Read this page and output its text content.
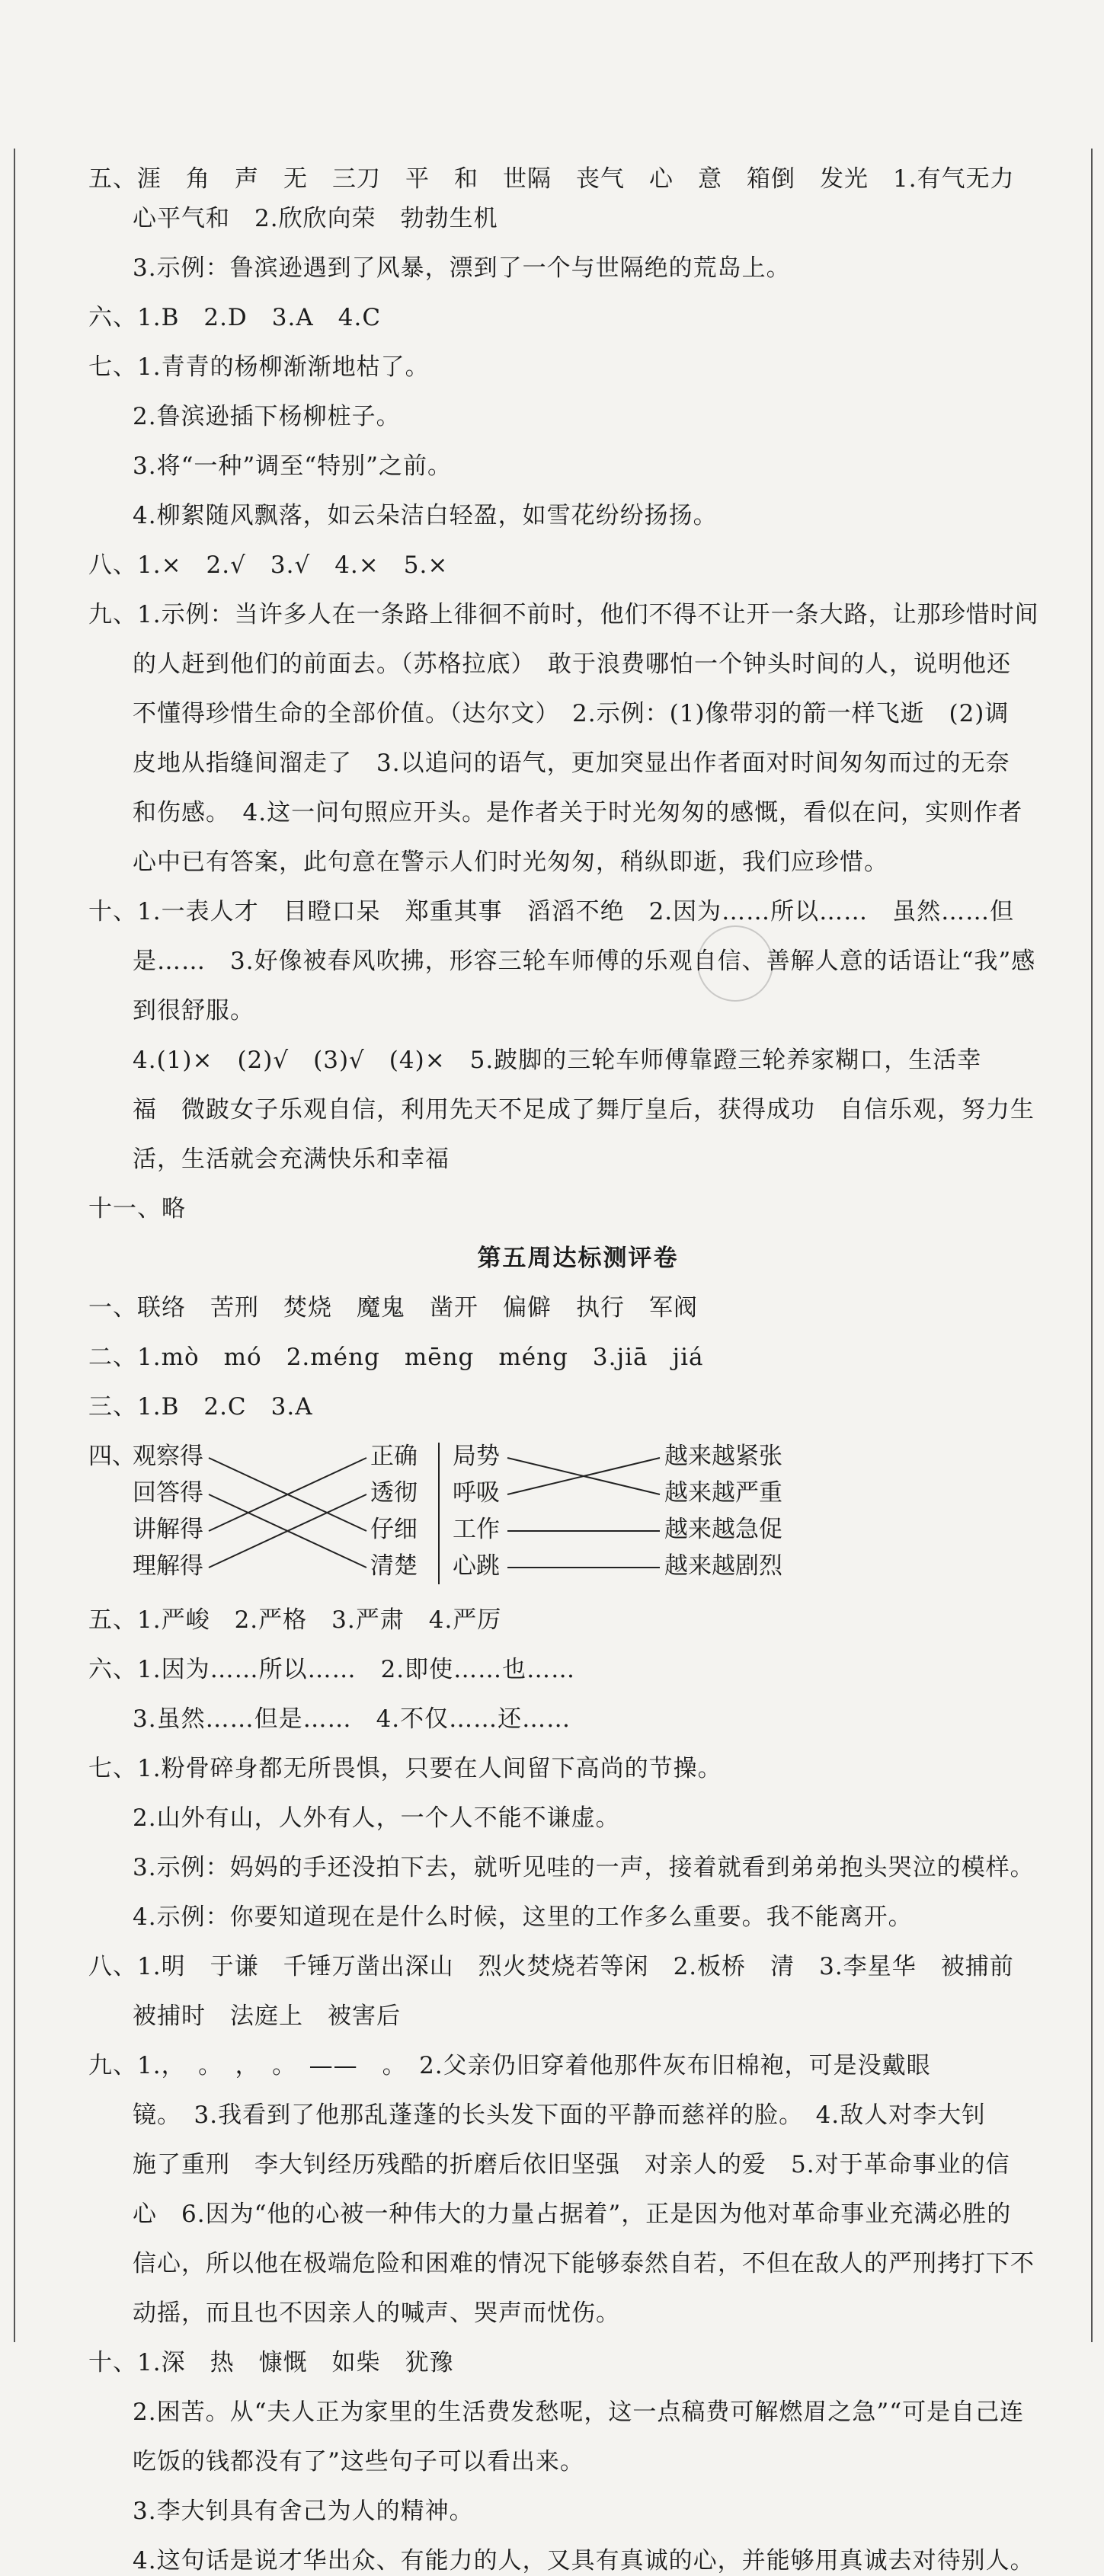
五、涯　角　声　无　三刀　平　和　世隔　丧气　心　意　箱倒　发光　1.有气无力
心平气和　2.欣欣向荣　勃勃生机
3.示例：鲁滨逊遇到了风暴，漂到了一个与世隔绝的荒岛上。
六、1.B　2.D　3.A　4.C
七、1.青青的杨柳渐渐地枯了。
2.鲁滨逊插下杨柳桩子。
3.将“一种”调至“特别”之前。
4.柳絮随风飘落，如云朵洁白轻盈，如雪花纷纷扬扬。
八、1.×　2.√　3.√　4.×　5.×
九、1.示例：当许多人在一条路上徘徊不前时，他们不得不让开一条大路，让那珍惜时间
的人赶到他们的前面去。（苏格拉底）　敢于浪费哪怕一个钟头时间的人，说明他还
不懂得珍惜生命的全部价值。（达尔文）　2.示例：(1)像带羽的箭一样飞逝　(2)调
皮地从指缝间溜走了　3.以追问的语气，更加突显出作者面对时间匆匆而过的无奈
和伤感。　4.这一问句照应开头。是作者关于时光匆匆的感慨，看似在问，实则作者
心中已有答案，此句意在警示人们时光匆匆，稍纵即逝，我们应珍惜。
十、1.一表人才　目瞪口呆　郑重其事　滔滔不绝　2.因为……所以……　虽然……但
是……　3.好像被春风吹拂，形容三轮车师傅的乐观自信、善解人意的话语让“我”感
到很舒服。
4.(1)×　(2)√　(3)√　(4)×　5.跛脚的三轮车师傅靠蹬三轮养家糊口，生活幸
福　微跛女子乐观自信，利用先天不足成了舞厅皇后，获得成功　自信乐观，努力生
活，生活就会充满快乐和幸福
十一、略
第五周达标测评卷
一、联络　苦刑　焚烧　魔鬼　凿开　偏僻　执行　军阀
二、1.mò　mó　2.méng　mēng　méng　3.jiā　jiá
三、1.B　2.C　3.A
四、
观察得
回答得
讲解得
理解得
正确
透彻
仔细
清楚
局势
呼吸
工作
心跳
越来越紧张
越来越严重
越来越急促
越来越剧烈
五、1.严峻　2.严格　3.严肃　4.严厉
六、1.因为……所以……　2.即使……也……
3.虽然……但是……　4.不仅……还……
七、1.粉骨碎身都无所畏惧，只要在人间留下高尚的节操。
2.山外有山，人外有人，一个人不能不谦虚。
3.示例：妈妈的手还没拍下去，就听见哇的一声，接着就看到弟弟抱头哭泣的模样。
4.示例：你要知道现在是什么时候，这里的工作多么重要。我不能离开。
八、1.明　于谦　千锤万凿出深山　烈火焚烧若等闲　2.板桥　清　3.李星华　被捕前
被捕时　法庭上　被害后
九、1.，　。　，　。　——　。　2.父亲仍旧穿着他那件灰布旧棉袍，可是没戴眼
镜。　3.我看到了他那乱蓬蓬的长头发下面的平静而慈祥的脸。　4.敌人对李大钊
施了重刑　李大钊经历残酷的折磨后依旧坚强　对亲人的爱　5.对于革命事业的信
心　6.因为“他的心被一种伟大的力量占据着”，正是因为他对革命事业充满必胜的
信心，所以他在极端危险和困难的情况下能够泰然自若，不但在敌人的严刑拷打下不
动摇，而且也不因亲人的喊声、哭声而忧伤。
十、1.深　热　慷慨　如柴　犹豫
2.困苦。从“夫人正为家里的生活费发愁呢，这一点稿费可解燃眉之急”“可是自己连
吃饭的钱都没有了”这些句子可以看出来。
3.李大钊具有舍己为人的精神。
4.这句话是说才华出众、有能力的人，又具有真诚的心，并能够用真诚去对待别人。
